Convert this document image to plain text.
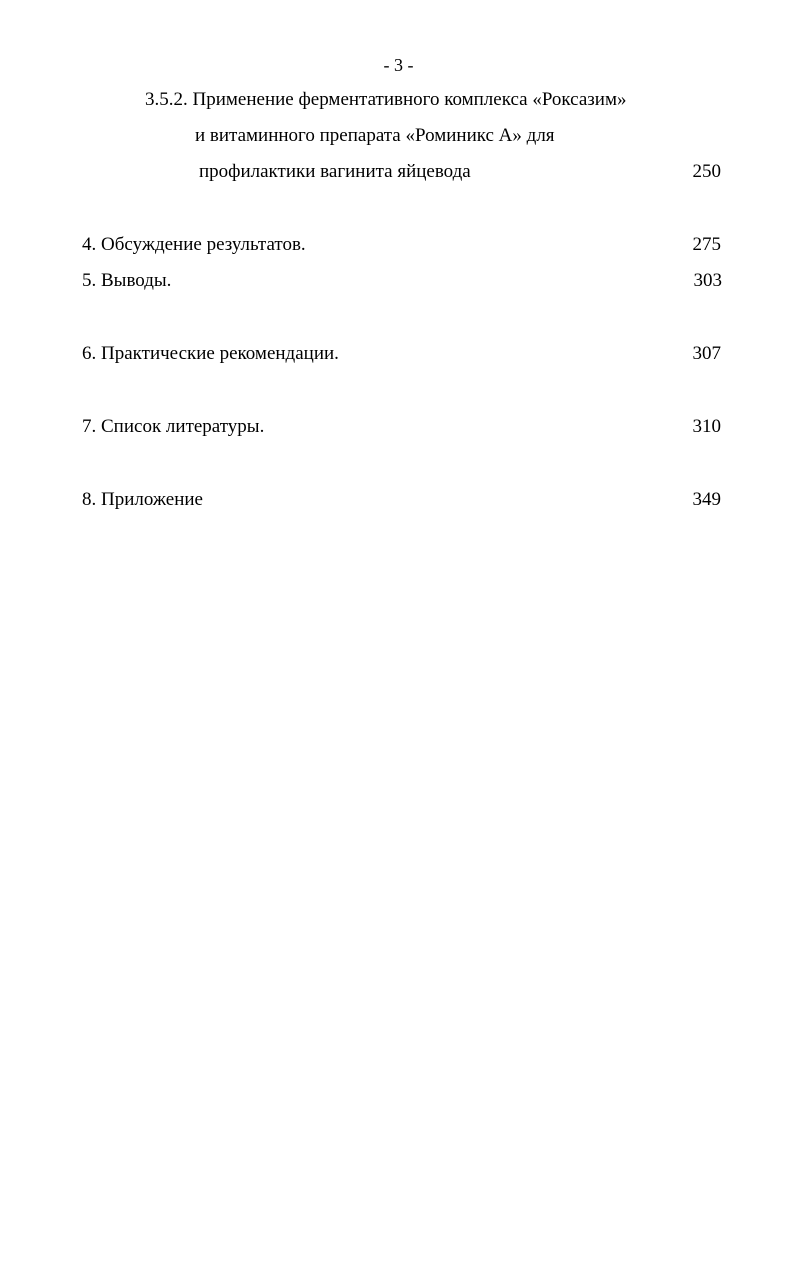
- 3 -
3.5.2. Применение ферментативного комплекса «Роксазим»
и витаминного препарата «Роминикс А» для
профилактики вагинита яйцевода	250
4. Обсуждение результатов.	275
5. Выводы.	303
6. Практические рекомендации.	307
7. Список литературы.	310
8. Приложение	349
